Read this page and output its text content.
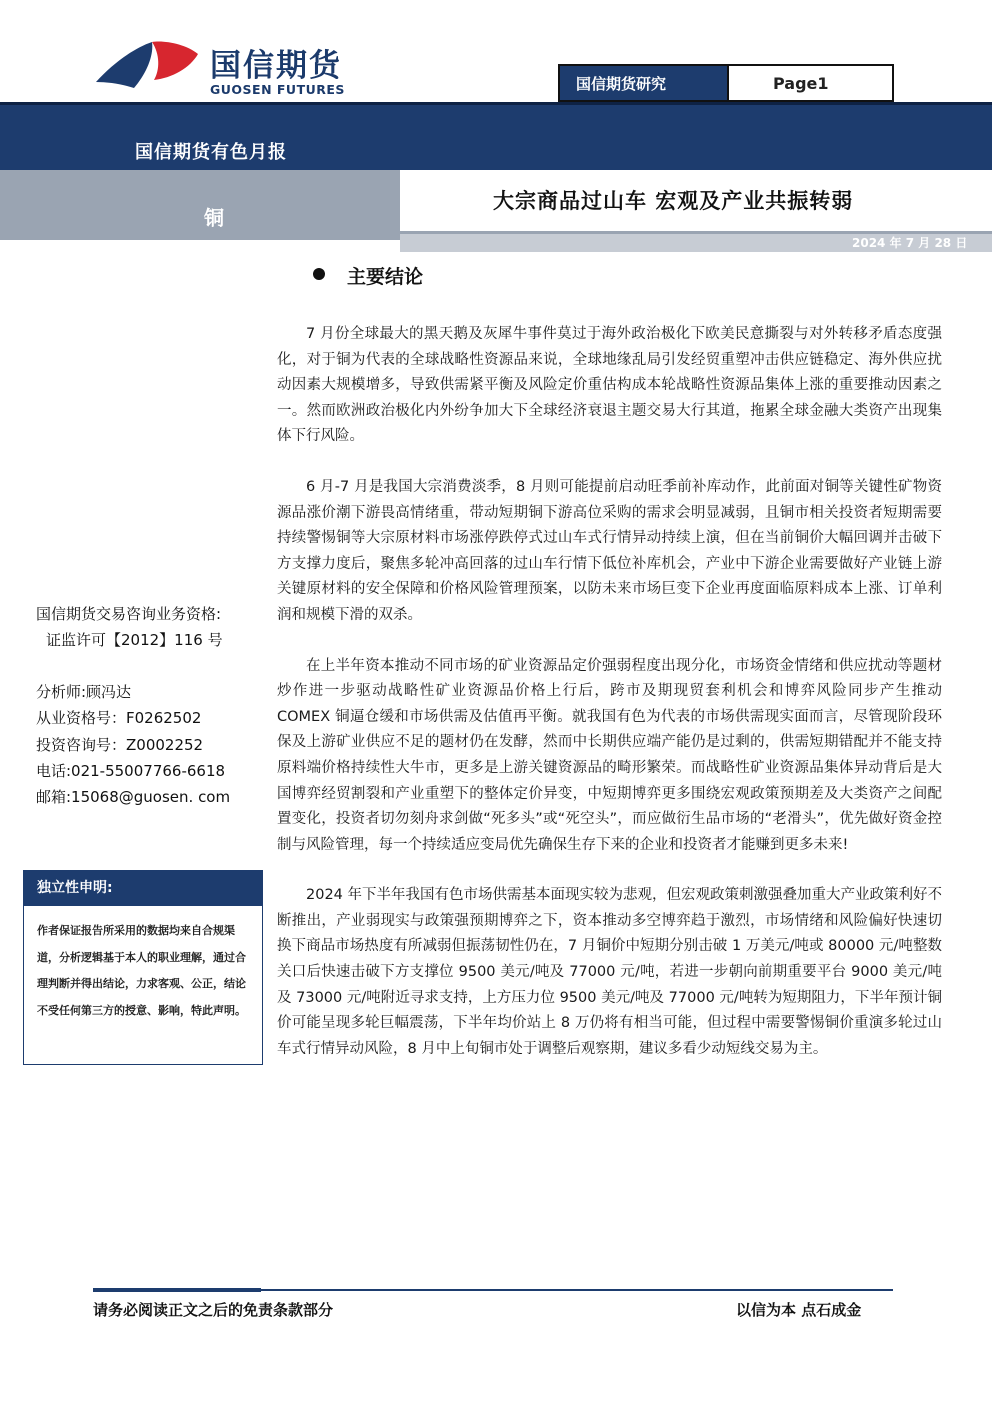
国信期货
GUOSEN FUTURES	国信期货研究	Page1
国信期货有色月报
铜
大宗商品过山车 宏观及产业共振转弱
2024 年 7 月 28 日
主要结论

7 月份全球最大的黑天鹅及灰犀牛事件莫过于海外政治极化下欧美民意撕裂与对外转移矛盾态度强化，对于铜为代表的全球战略性资源品来说，全球地缘乱局引发经贸重塑冲击供应链稳定、海外供应扰动因素大规模增多，导致供需紧平衡及风险定价重估构成本轮战略性资源品集体上涨的重要推动因素之一。然而欧洲政治极化内外纷争加大下全球经济衰退主题交易大行其道，拖累全球金融大类资产出现集体下行风险。

6 月-7 月是我国大宗消费淡季，8 月则可能提前启动旺季前补库动作，此前面对铜等关键性矿物资源品涨价潮下游畏高情绪重，带动短期铜下游高位采购的需求会明显减弱，且铜市相关投资者短期需要持续警惕铜等大宗原材料市场涨停跌停式过山车式行情异动持续上演，但在当前铜价大幅回调并击破下方支撑力度后，聚焦多轮冲高回落的过山车行情下低位补库机会，产业中下游企业需要做好产业链上游关键原材料的安全保障和价格风险管理预案，以防未来市场巨变下企业再度面临原料成本上涨、订单利润和规模下滑的双杀。

在上半年资本推动不同市场的矿业资源品定价强弱程度出现分化，市场资金情绪和供应扰动等题材炒作进一步驱动战略性矿业资源品价格上行后，跨市及期现贸套利机会和博弈风险同步产生推动 COMEX 铜逼仓缓和市场供需及估值再平衡。就我国有色为代表的市场供需现实面而言，尽管现阶段环保及上游矿业供应不足的题材仍在发酵，然而中长期供应端产能仍是过剩的，供需短期错配并不能支持原料端价格持续性大牛市，更多是上游关键资源品的畸形繁荣。而战略性矿业资源品集体异动背后是大国博弈经贸割裂和产业重塑下的整体定价异变，中短期博弈更多围绕宏观政策预期差及大类资产之间配置变化，投资者切勿刻舟求剑做“死多头”或“死空头”，而应做衍生品市场的“老滑头”，优先做好资金控制与风险管理，每一个持续适应变局优先确保生存下来的企业和投资者才能赚到更多未来!

2024 年下半年我国有色市场供需基本面现实较为悲观，但宏观政策刺激强叠加重大产业政策利好不断推出，产业弱现实与政策强预期博弈之下，资本推动多空博弈趋于激烈，市场情绪和风险偏好快速切换下商品市场热度有所减弱但振荡韧性仍在，7 月铜价中短期分别击破 1 万美元/吨或 80000 元/吨整数关口后快速击破下方支撑位 9500 美元/吨及 77000 元/吨，若进一步朝向前期重要平台 9000 美元/吨及 73000 元/吨附近寻求支持，上方压力位 9500 美元/吨及 77000 元/吨转为短期阻力，下半年预计铜价可能呈现多轮巨幅震荡，下半年均价站上 8 万仍将有相当可能，但过程中需要警惕铜价重演多轮过山车式行情异动风险，8 月中上旬铜市处于调整后观察期，建议多看少动短线交易为主。

国信期货交易咨询业务资格:
证监许可【2012】116 号
分析师:顾冯达
从业资格号：F0262502
投资咨询号：Z0002252
电话:021-55007766-6618
邮箱:15068@guosen. com
独立性申明:
作者保证报告所采用的数据均来自合规渠道，分析逻辑基于本人的职业理解，通过合理判断并得出结论，力求客观、公正，结论不受任何第三方的授意、影响，特此声明。
请务必阅读正文之后的免责条款部分	以信为本 点石成金
